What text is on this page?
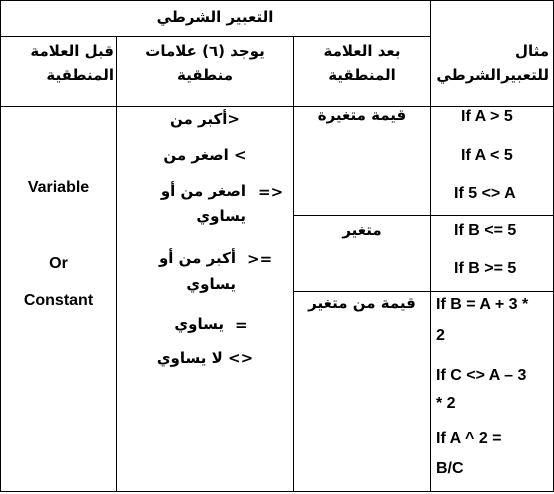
التعبير الشرطي
قبل العلامة
المنطقية
يوجد (٦) علامات
منطقية
بعد العلامة
المنطقية
مثال
للتعبيرالشرطي
Variable
Or
Constant
<أكبر من
> اصغر من
=>
اصغر من أو
يساوي
>=
أكبر من أو
يساوي
=
يساوي
<> لا يساوي
قيمة متغيرة
متغير
قيمة من متغير
If A > 5
If A < 5
If 5 <> A
If B <= 5
If B >= 5
If B = A + 3 *
2
If C <> A – 3
* 2
If A ^ 2 =
B/C
